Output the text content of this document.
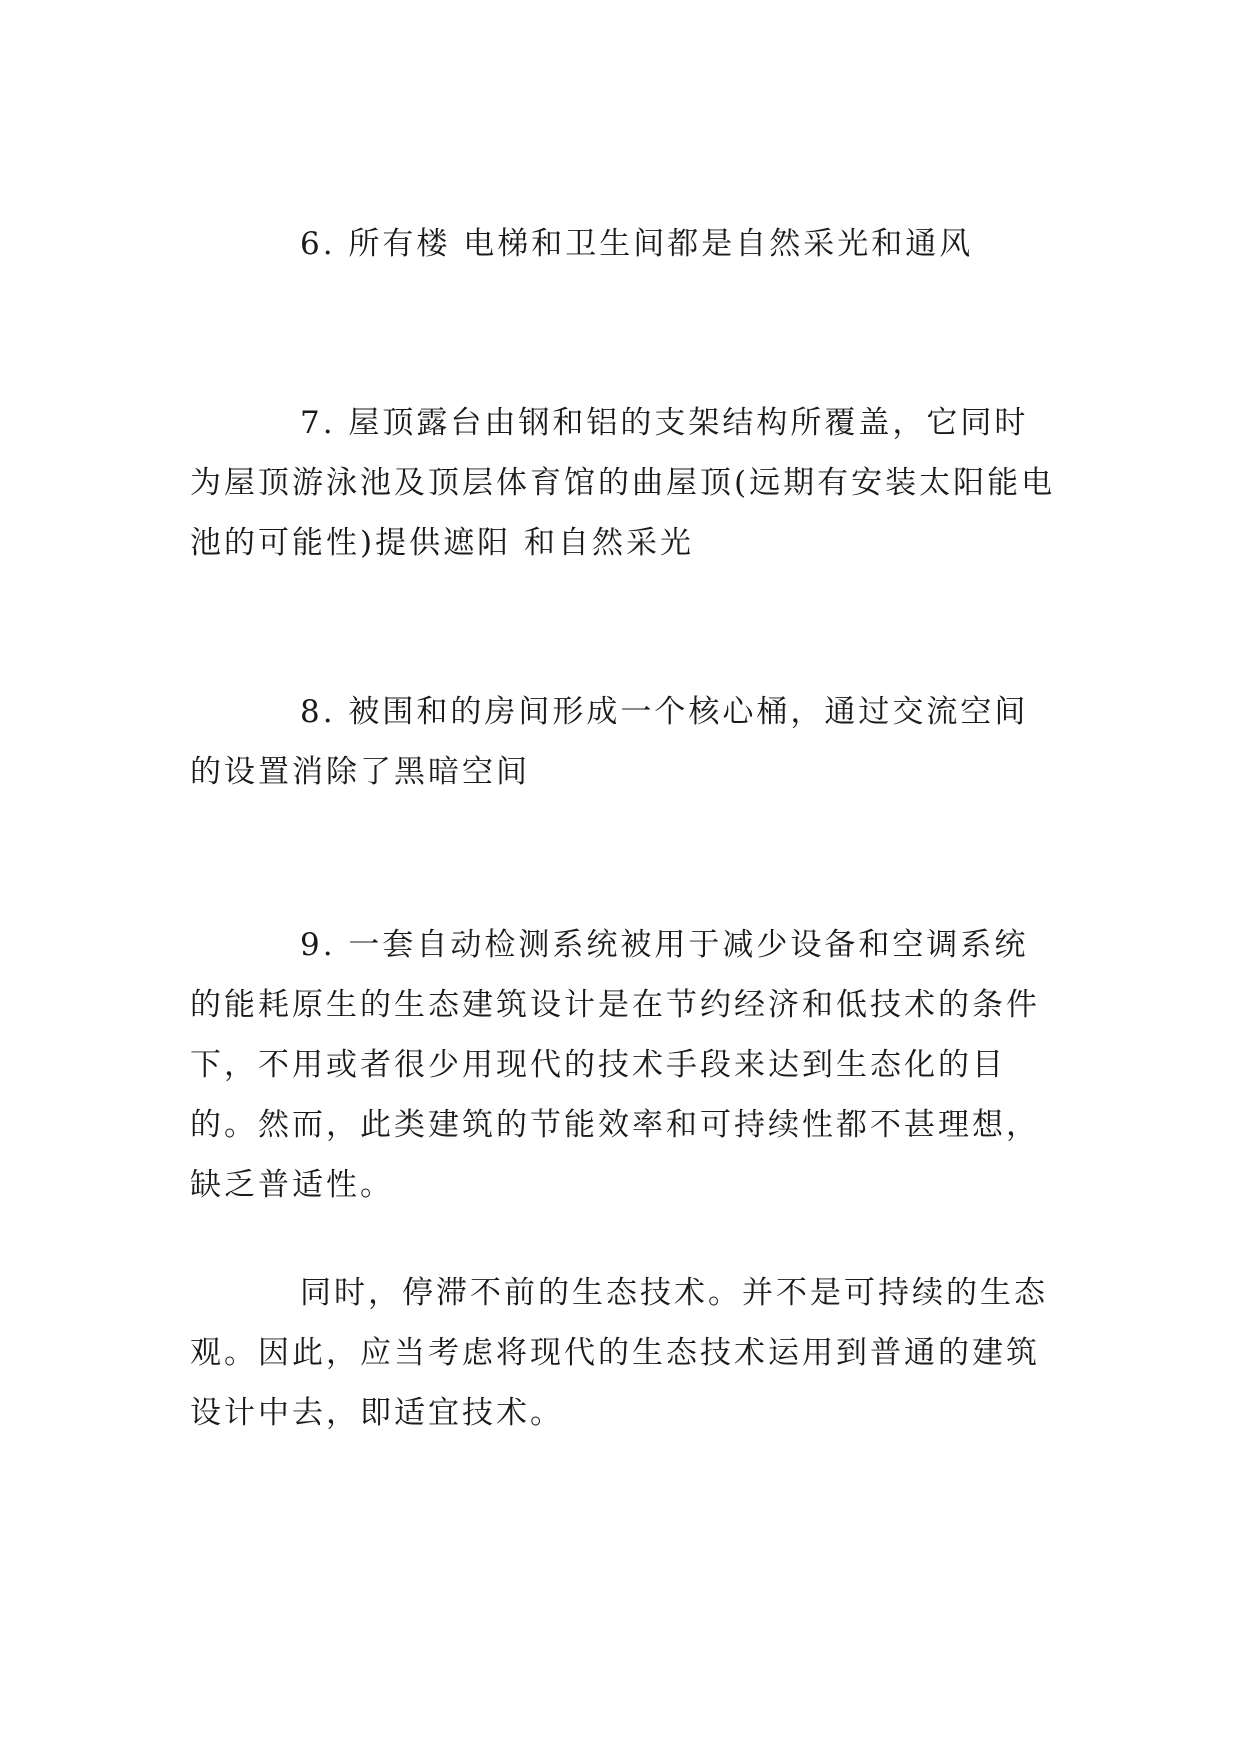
6. 所有楼 电梯和卫生间都是自然采光和通风

7. 屋顶露台由钢和铝的支架结构所覆盖，它同时为屋顶游泳池及顶层体育馆的曲屋顶(远期有安装太阳能电池的可能性)提供遮阳 和自然采光

8. 被围和的房间形成一个核心桶，通过交流空间的设置消除了黑暗空间

9. 一套自动检测系统被用于减少设备和空调系统的能耗原生的生态建筑设计是在节约经济和低技术的条件下，不用或者很少用现代的技术手段来达到生态化的目的。然而，此类建筑的节能效率和可持续性都不甚理想，缺乏普适性。

同时，停滞不前的生态技术。并不是可持续的生态观。因此，应当考虑将现代的生态技术运用到普通的建筑设计中去，即适宜技术。
